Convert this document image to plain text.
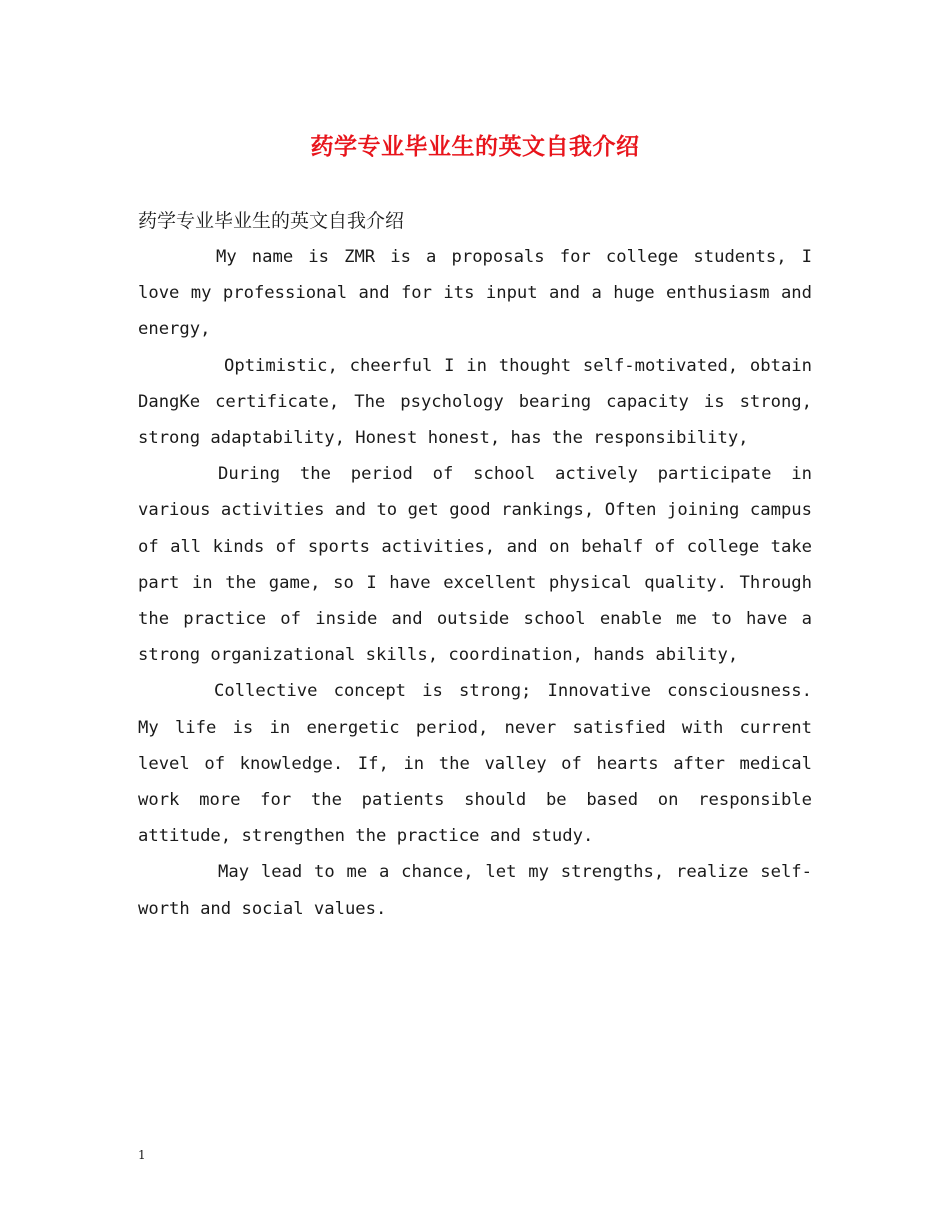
药学专业毕业生的英文自我介绍

药学专业毕业生的英文自我介绍

My name is ZMR is a proposals for college students, I love my professional and for its input and a huge enthusiasm and energy,

Optimistic, cheerful I in thought self-motivated, obtain DangKe certificate, The psychology bearing capacity is strong, strong adaptability, Honest honest, has the responsibility,

During the period of school actively participate in various activities and to get good rankings, Often joining campus of all kinds of sports activities, and on behalf of college take part in the game, so I have excellent physical quality. Through the practice of inside and outside school enable me to have a strong organizational skills, coordination, hands ability,

Collective concept is strong; Innovative consciousness. My life is in energetic period, never satisfied with current level of knowledge. If, in the valley of hearts after medical work more for the patients should be based on responsible attitude, strengthen the practice and study.

May lead to me a chance, let my strengths, realize self-worth and social values.

1
